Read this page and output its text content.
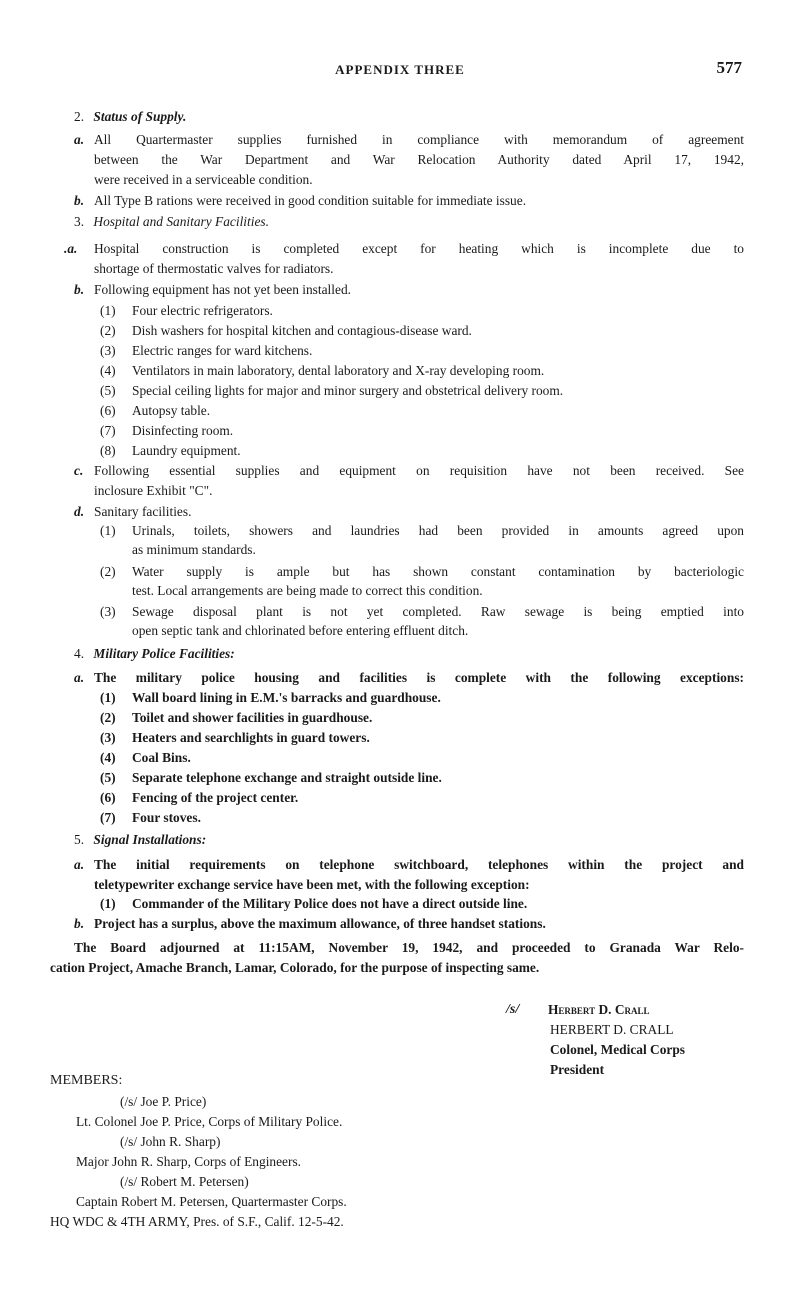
APPENDIX THREE	577
2. Status of Supply.
a. All Quartermaster supplies furnished in compliance with memorandum of agreement
between the War Department and War Relocation Authority dated April 17, 1942,
were received in a serviceable condition.
b. All Type B rations were received in good condition suitable for immediate issue.
3. Hospital and Sanitary Facilities.
.a. Hospital construction is completed except for heating which is incomplete due to
shortage of thermostatic valves for radiators.
b. Following equipment has not yet been installed.
(1) Four electric refrigerators.
(2) Dish washers for hospital kitchen and contagious-disease ward.
(3) Electric ranges for ward kitchens.
(4) Ventilators in main laboratory, dental laboratory and X-ray developing room.
(5) Special ceiling lights for major and minor surgery and obstetrical delivery room.
(6) Autopsy table.
(7) Disinfecting room.
(8) Laundry equipment.
c. Following essential supplies and equipment on requisition have not been received. See
inclosure Exhibit "C".
d. Sanitary facilities.
(1) Urinals, toilets, showers and laundries had been provided in amounts agreed upon
as minimum standards.
(2) Water supply is ample but has shown constant contamination by bacteriologic
test. Local arrangements are being made to correct this condition.
(3) Sewage disposal plant is not yet completed. Raw sewage is being emptied into
open septic tank and chlorinated before entering effluent ditch.
4. Military Police Facilities:
a. The military police housing and facilities is complete with the following exceptions:
(1) Wall board lining in E.M.'s barracks and guardhouse.
(2) Toilet and shower facilities in guardhouse.
(3) Heaters and searchlights in guard towers.
(4) Coal Bins.
(5) Separate telephone exchange and straight outside line.
(6) Fencing of the project center.
(7) Four stoves.
5. Signal Installations:
a. The initial requirements on telephone switchboard, telephones within the project and
teletypewriter exchange service have been met, with the following exception:
(1) Commander of the Military Police does not have a direct outside line.
b. Project has a surplus, above the maximum allowance, of three handset stations.
The Board adjourned at 11:15AM, November 19, 1942, and proceeded to Granada War Relo-
cation Project, Amache Branch, Lamar, Colorado, for the purpose of inspecting same.
/s/ Herbert D. Crall
HERBERT D. CRALL
Colonel, Medical Corps
President
MEMBERS:
(/s/ Joe P. Price)
Lt. Colonel Joe P. Price, Corps of Military Police.
(/s/ John R. Sharp)
Major John R. Sharp, Corps of Engineers.
(/s/ Robert M. Petersen)
Captain Robert M. Petersen, Quartermaster Corps.
HQ WDC & 4TH ARMY, Pres. of S.F., Calif. 12-5-42.
